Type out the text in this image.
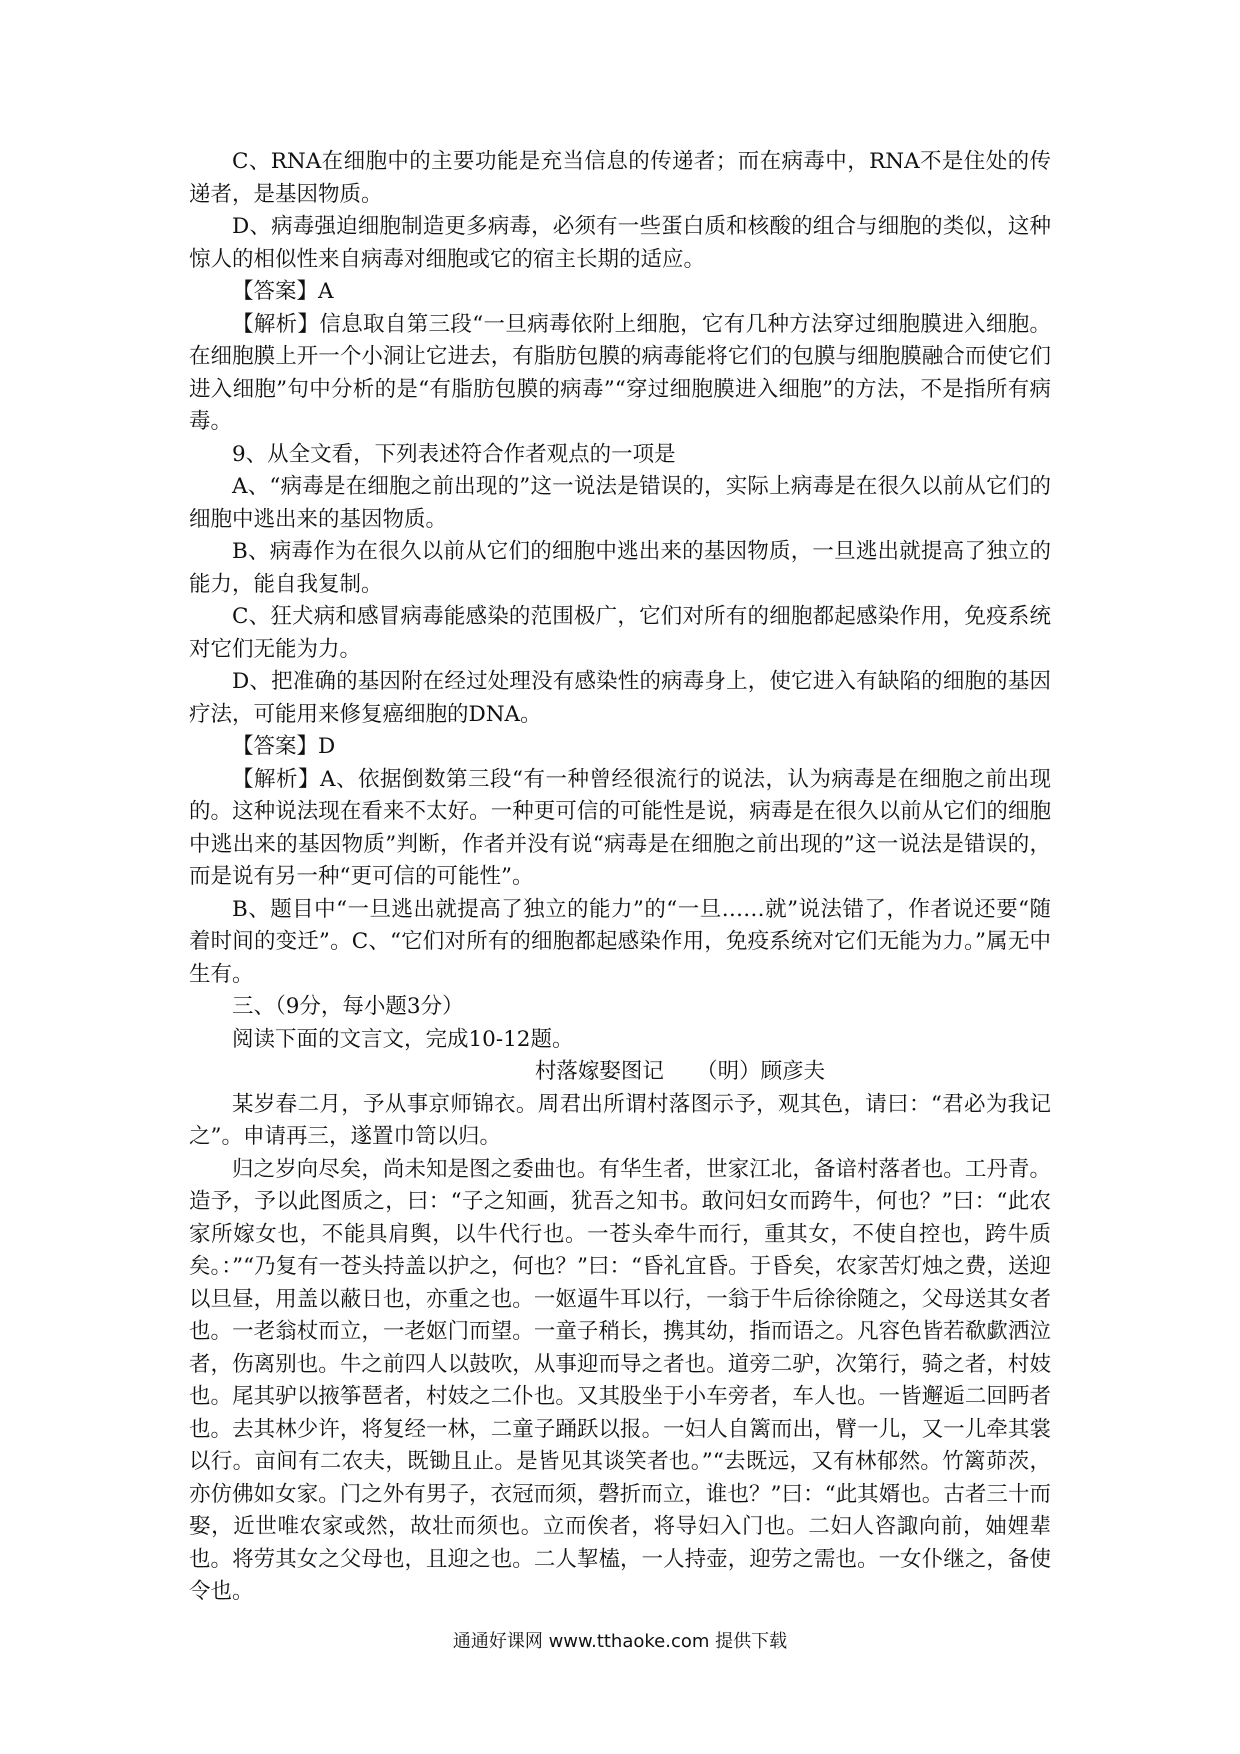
C、RNA在细胞中的主要功能是充当信息的传递者；而在病毒中，RNA不是住处的传递者，是基因物质。

D、病毒强迫细胞制造更多病毒，必须有一些蛋白质和核酸的组合与细胞的类似，这种惊人的相似性来自病毒对细胞或它的宿主长期的适应。

【答案】A

【解析】信息取自第三段“一旦病毒依附上细胞，它有几种方法穿过细胞膜进入细胞。在细胞膜上开一个小洞让它进去，有脂肪包膜的病毒能将它们的包膜与细胞膜融合而使它们进入细胞”句中分析的是“有脂肪包膜的病毒”“穿过细胞膜进入细胞”的方法，不是指所有病毒。

9、从全文看，下列表述符合作者观点的一项是

A、“病毒是在细胞之前出现的”这一说法是错误的，实际上病毒是在很久以前从它们的细胞中逃出来的基因物质。

B、病毒作为在很久以前从它们的细胞中逃出来的基因物质，一旦逃出就提高了独立的能力，能自我复制。

C、狂犬病和感冒病毒能感染的范围极广，它们对所有的细胞都起感染作用，免疫系统对它们无能为力。

D、把准确的基因附在经过处理没有感染性的病毒身上，使它进入有缺陷的细胞的基因疗法，可能用来修复癌细胞的DNA。

【答案】D

【解析】A、依据倒数第三段“有一种曾经很流行的说法，认为病毒是在细胞之前出现的。这种说法现在看来不太好。一种更可信的可能性是说，病毒是在很久以前从它们的细胞中逃出来的基因物质”判断，作者并没有说“病毒是在细胞之前出现的”这一说法是错误的，而是说有另一种“更可信的可能性”。

B、题目中“一旦逃出就提高了独立的能力”的“一旦……就”说法错了，作者说还要“随着时间的变迁”。C、“它们对所有的细胞都起感染作用，免疫系统对它们无能为力。”属无中生有。

三、（9分，每小题3分）

阅读下面的文言文，完成10-12题。

村落嫁娶图记　　（明）顾彦夫

某岁春二月，予从事京师锦衣。周君出所谓村落图示予，观其色，请曰：“君必为我记之”。申请再三，遂置巾笥以归。

归之岁向尽矣，尚未知是图之委曲也。有华生者，世家江北，备谙村落者也。工丹青。造予，予以此图质之，曰：“子之知画，犹吾之知书。敢问妇女而跨牛，何也？”曰：“此农家所嫁女也，不能具肩舆，以牛代行也。一苍头牵牛而行，重其女，不使自控也，跨牛质矣。：”“乃复有一苍头持盖以护之，何也？”曰：“昏礼宜昏。于昏矣，农家苦灯烛之费，送迎以旦昼，用盖以蔽日也，亦重之也。一妪逼牛耳以行，一翁于牛后徐徐随之，父母送其女者也。一老翁杖而立，一老妪门而望。一童子稍长，携其幼，指而语之。凡容色皆若欷歔洒泣者，伤离别也。牛之前四人以鼓吹，从事迎而导之者也。道旁二驴，次第行，骑之者，村妓也。尾其驴以掖筝琶者，村妓之二仆也。又其股坐于小车旁者，车人也。一皆邂逅二回眄者也。去其林少许，将复经一林，二童子踊跃以报。一妇人自篱而出，臂一儿，又一儿牵其裳以行。亩间有二农夫，既锄且止。是皆见其谈笑者也。”“去既远，又有林郁然。竹篱茆茨，亦仿佛如女家。门之外有男子，衣冠而须，磬折而立，谁也？”曰：“此其婿也。古者三十而娶，近世唯农家或然，故壮而须也。立而俟者，将导妇入门也。二妇人咨諏向前，妯娌辈也。将劳其女之父母也，且迎之也。二人挈榼，一人持壶，迎劳之需也。一女仆继之，备使令也。

通通好课网 www.tthaoke.com 提供下载
